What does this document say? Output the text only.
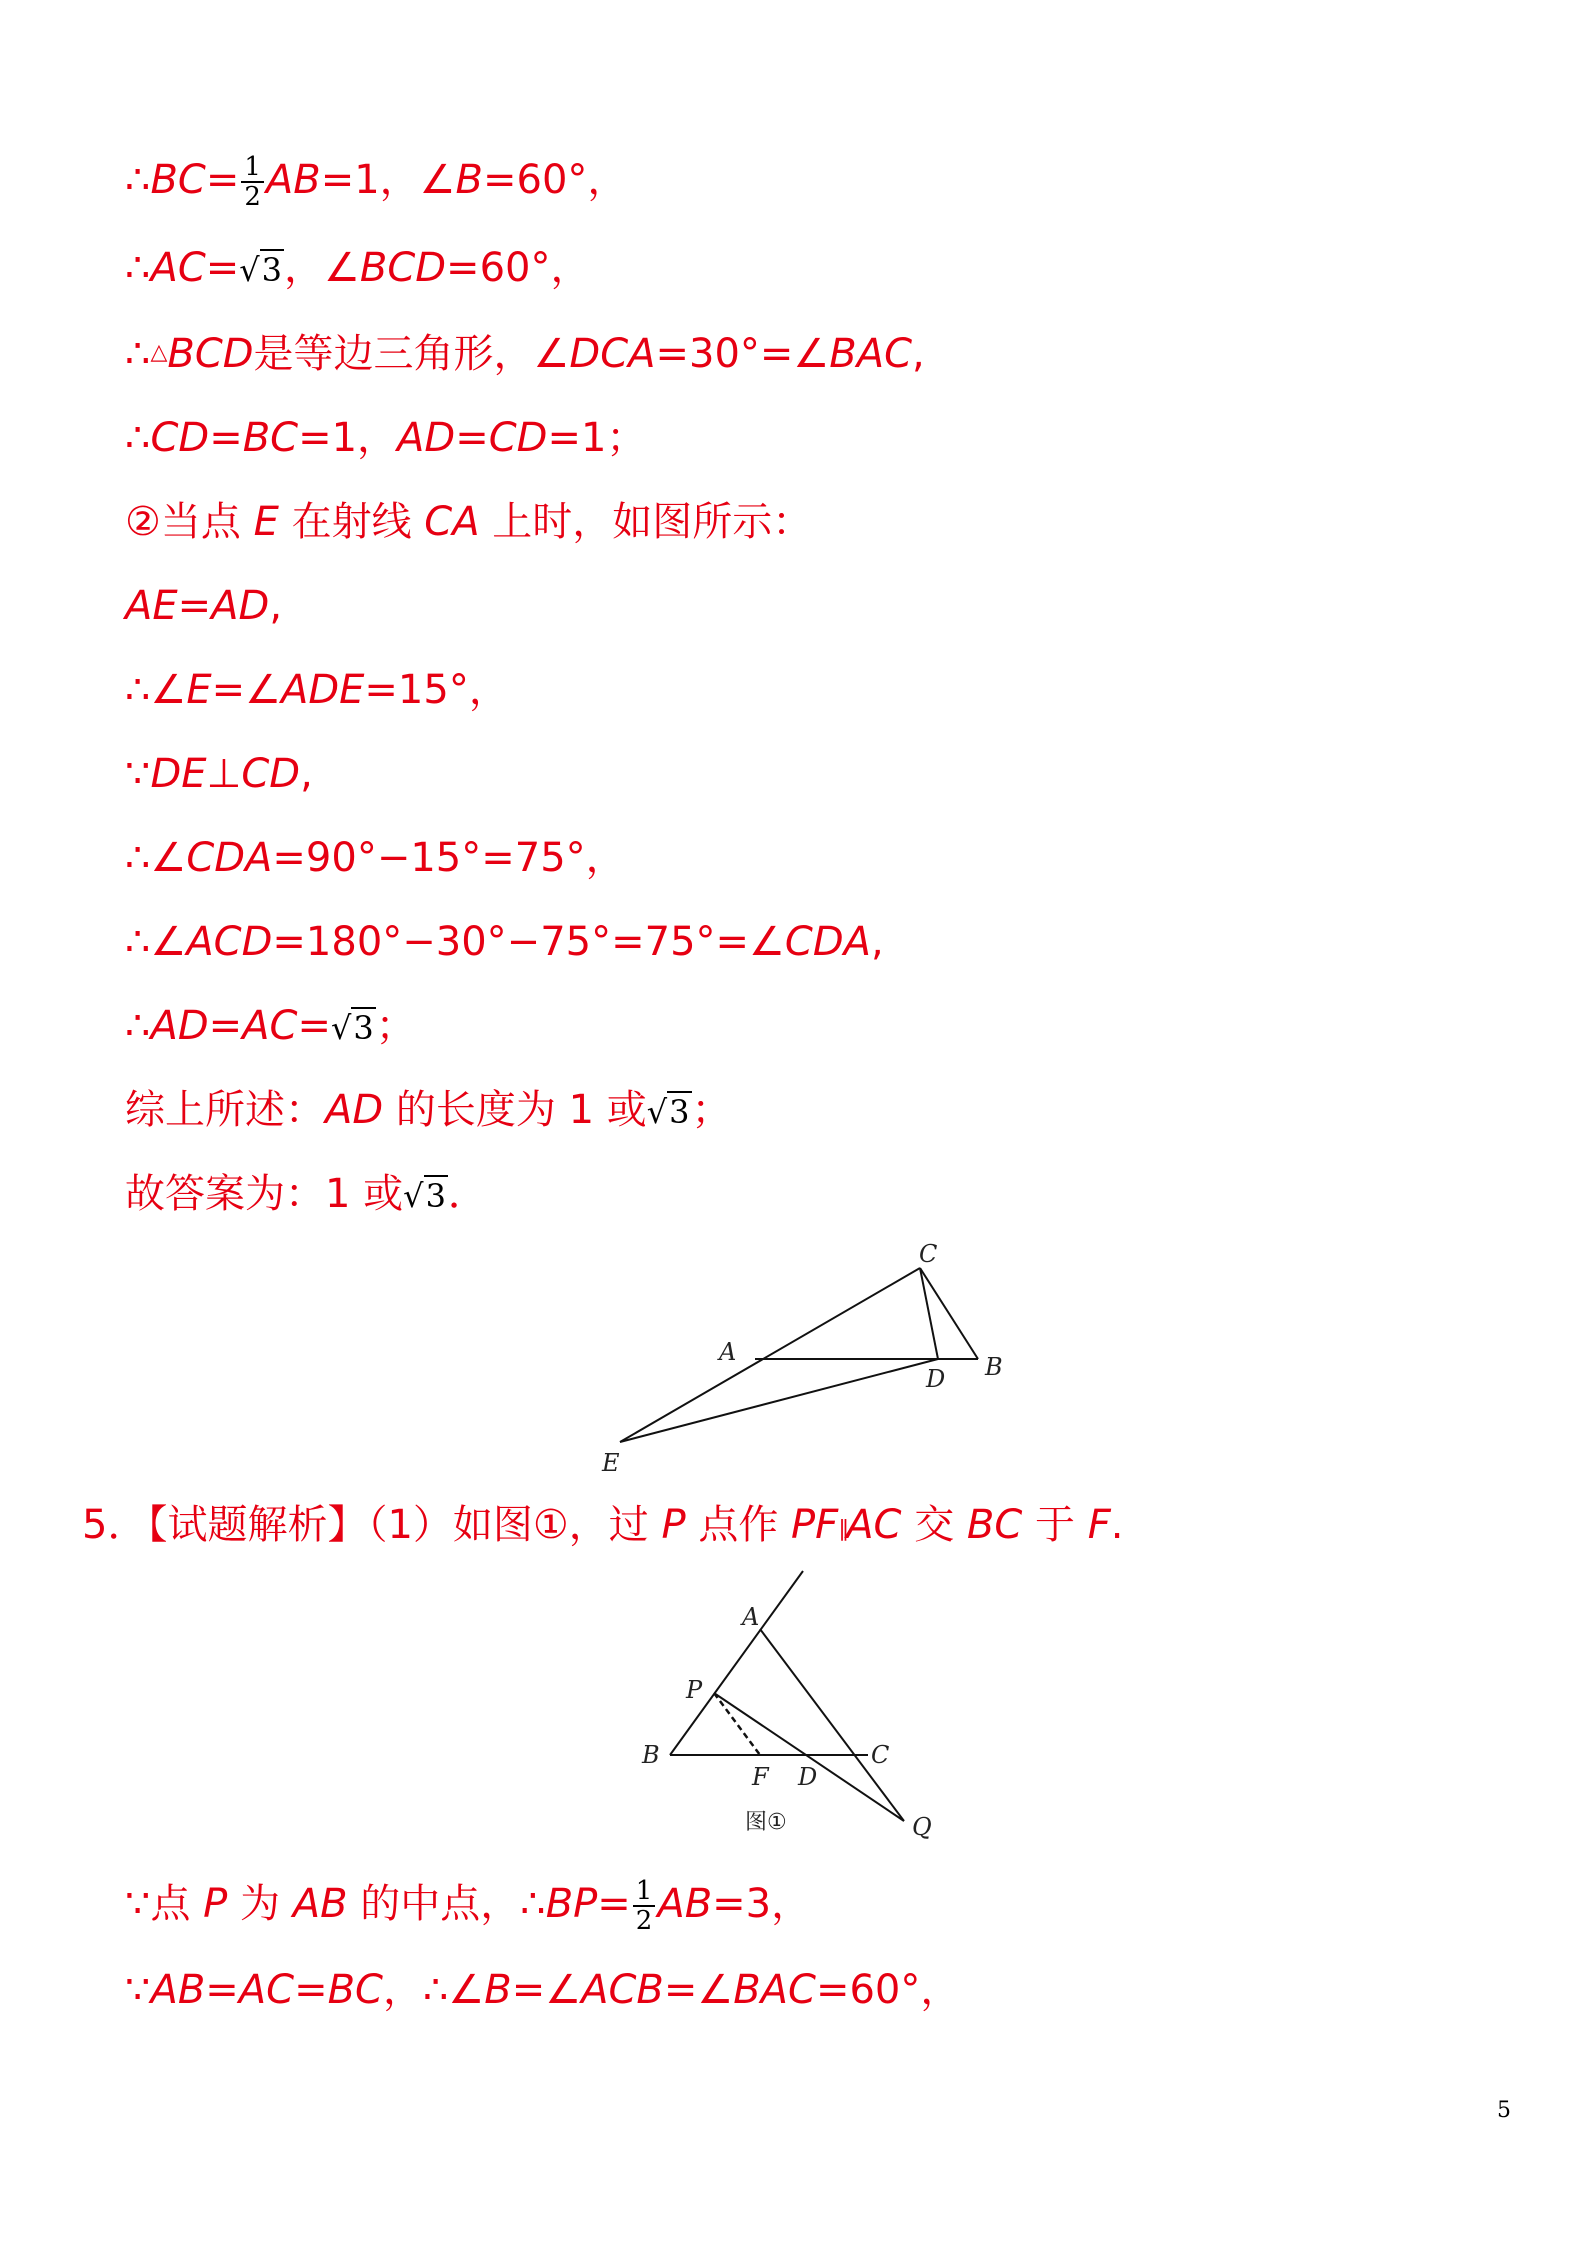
∴BC= $\frac{1}{2} AB=1$，∠B=60°，
∴AC=√3，∠BCD=60°，
∴△BCD是等边三角形，∠DCA=30°=∠BAC,
∴CD=BC=1，AD=CD=1；
②当点 E 在射线 CA 上时，如图所示：
AE=AD,
∴∠E=∠ADE=15°，
∵DE⊥CD,
∴∠CDA=90°−15°=75°，
∴∠ACD=180°−30°−75°=75°=∠CDA,
∴AD=AC=√3；
综上所述：AD 的长度为 1 或√3；
故答案为：1 或√3．
C
A
B
D
E
5．【试题解析】（1）如图①，过 P 点作 PF∥AC 交 BC 于 F.
A
P
B
F D
C
Q
图①
∵点 P 为 AB 的中点，∴BP= $\frac{1}{2} AB=3$，
∵AB=AC=BC，∴∠B=∠ACB=∠BAC=60°，
5
